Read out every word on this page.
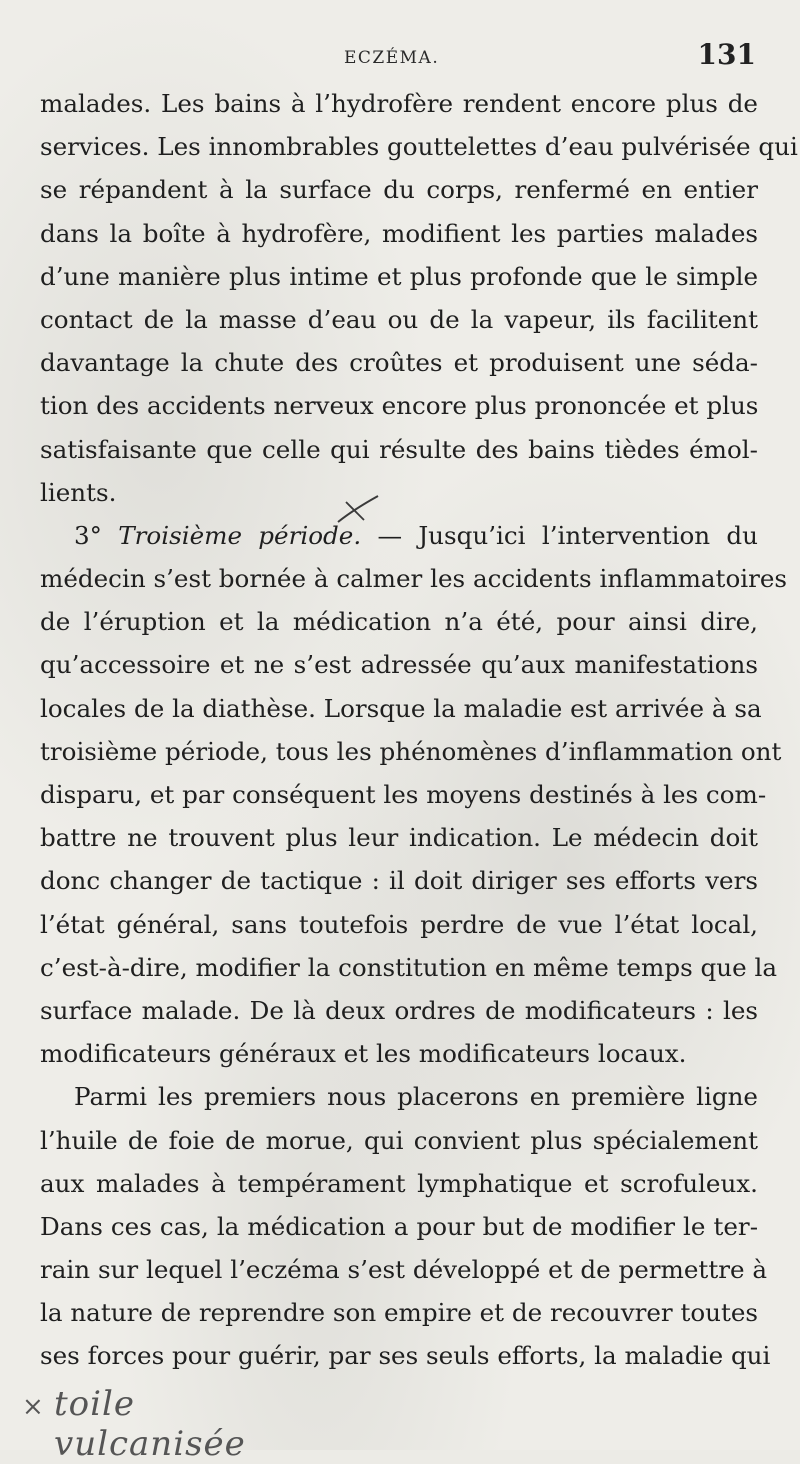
ECZÉMA.	131
malades. Les bains à l’hydrofère rendent encore plus de
services. Les innombrables gouttelettes d’eau pulvérisée qui
se répandent à la surface du corps, renfermé en entier
dans la boîte à hydrofère, modifient les parties malades
d’une manière plus intime et plus profonde que le simple
contact de la masse d’eau ou de la vapeur, ils facilitent
davantage la chute des croûtes et produisent une séda-
tion des accidents nerveux encore plus prononcée et plus
satisfaisante que celle qui résulte des bains tièdes émol-
lients.
3° Troisième période. — Jusqu’ici l’intervention du
médecin s’est bornée à calmer les accidents inflammatoires
de l’éruption et la médication n’a été, pour ainsi dire,
qu’accessoire et ne s’est adressée qu’aux manifestations
locales de la diathèse. Lorsque la maladie est arrivée à sa
troisième période, tous les phénomènes d’inflammation ont
disparu, et par conséquent les moyens destinés à les com-
battre ne trouvent plus leur indication. Le médecin doit
donc changer de tactique : il doit diriger ses efforts vers
l’état général, sans toutefois perdre de vue l’état local,
c’est-à-dire, modifier la constitution en même temps que la
surface malade. De là deux ordres de modificateurs : les
modificateurs généraux et les modificateurs locaux.
Parmi les premiers nous placerons en première ligne
l’huile de foie de morue, qui convient plus spécialement
aux malades à tempérament lymphatique et scrofuleux.
Dans ces cas, la médication a pour but de modifier le ter-
rain sur lequel l’eczéma s’est développé et de permettre à
la nature de reprendre son empire et de recouvrer toutes
ses forces pour guérir, par ses seuls efforts, la maladie qui
× toile vulcanisée
